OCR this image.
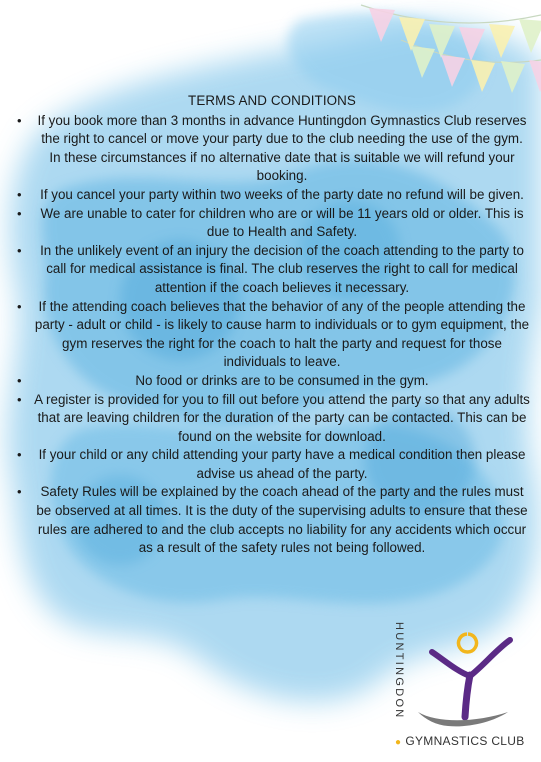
TERMS AND CONDITIONS
• If you book more than 3 months in advance Huntingdon Gymnastics Club reserves the right to cancel or move your party due to the club needing the use of the gym. In these circumstances if no alternative date that is suitable we will refund your booking.
• If you cancel your party within two weeks of the party date no refund will be given.
• We are unable to cater for children who are or will be 11 years old or older. This is due to Health and Safety.
• In the unlikely event of an injury the decision of the coach attending to the party to call for medical assistance is final. The club reserves the right to call for medical attention if the coach believes it necessary.
• If the attending coach believes that the behavior of any of the people attending the party - adult or child - is likely to cause harm to individuals or to gym equipment, the gym reserves the right for the coach to halt the party and request for those individuals to leave.
•	No food or drinks are to be consumed in the gym.
• A register is provided for you to fill out before you attend the party so that any adults that are leaving children for the duration of the party can be contacted. This can be found on the website for download.
• If your child or any child attending your party have a medical condition then please advise us ahead of the party.
• Safety Rules will be explained by the coach ahead of the party and the rules must be observed at all times. It is the duty of the supervising adults to ensure that these rules are adhered to and the club accepts no liability for any accidents which occur as a result of the safety rules not being followed.
HUNTINGDON
● GYMNASTICS CLUB
